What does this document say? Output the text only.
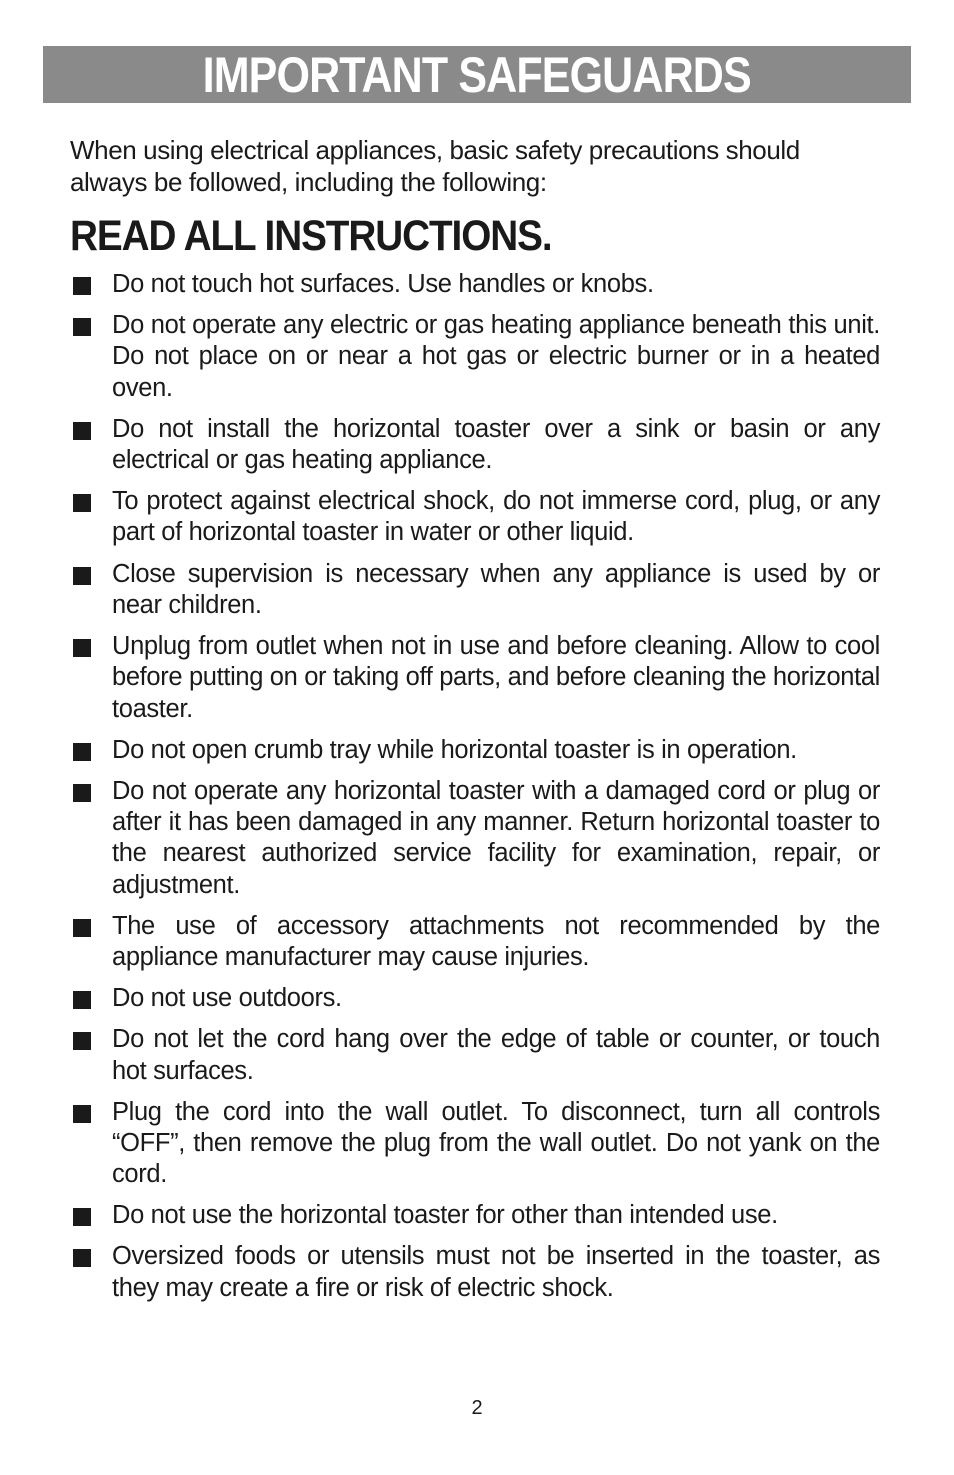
IMPORTANT SAFEGUARDS
When using electrical appliances, basic safety precautions should
always be followed, including the following:
READ ALL INSTRUCTIONS.
Do not touch hot surfaces. Use handles or knobs.
Do not operate any electric or gas heating appliance beneath this unit. Do not place on or near a hot gas or electric burner or in a heated oven.
Do not install the horizontal toaster over a sink or basin or any electrical or gas heating appliance.
To protect against electrical shock, do not immerse cord, plug, or any part of horizontal toaster in water or other liquid.
Close supervision is necessary when any appliance is used by or near children.
Unplug from outlet when not in use and before cleaning. Allow to cool before putting on or taking off parts, and before cleaning the horizontal toaster.
Do not open crumb tray while horizontal toaster is in operation.
Do not operate any horizontal toaster with a damaged cord or plug or after it has been damaged in any manner. Return horizontal toaster to the nearest authorized service facility for examination, repair, or adjustment.
The use of accessory attachments not recommended by the appliance manufacturer may cause injuries.
Do not use outdoors.
Do not let the cord hang over the edge of table or counter, or touch hot surfaces.
Plug the cord into the wall outlet. To disconnect, turn all controls “OFF”, then remove the plug from the wall outlet. Do not yank on the cord.
Do not use the horizontal toaster for other than intended use.
Oversized foods or utensils must not be inserted in the toaster, as they may create a fire or risk of electric shock.
2
